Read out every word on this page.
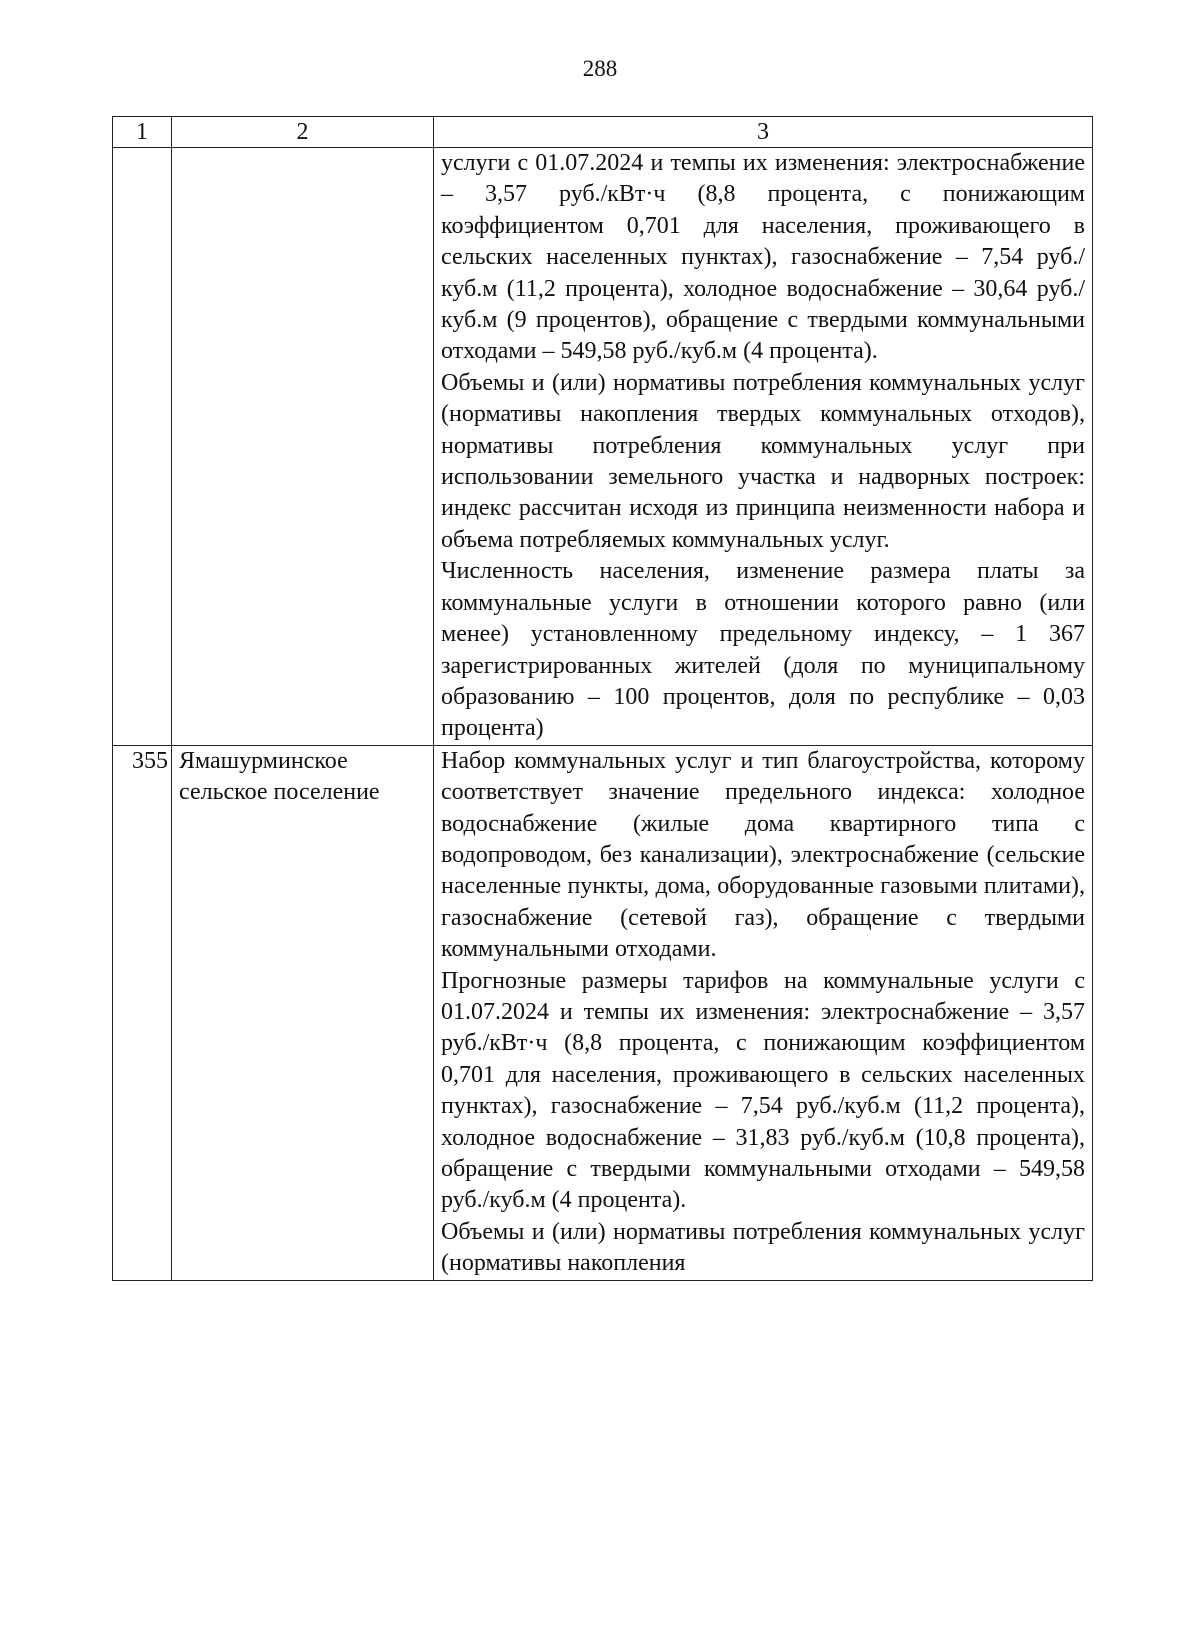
288
1	2	3

		услуги с 01.07.2024 и темпы их изменения: электроснабжение – 3,57 руб./кВт·ч (8,8 процента, с понижающим коэффициентом 0,701 для населения, проживающего в сельских населенных пунктах), газоснабжение – 7,54 руб./куб.м (11,2 процента), холодное водоснабжение – 30,64 руб./куб.м (9 процентов), обращение с твердыми коммунальными отходами – 549,58 руб./куб.м (4 процента).
Объемы и (или) нормативы потребления коммунальных услуг (нормативы накопления твердых коммунальных отходов), нормативы потребления коммунальных услуг при использовании земельного участка и надворных построек: индекс рассчитан исходя из принципа неизменности набора и объема потребляемых коммунальных услуг.
Численность населения, изменение размера платы за коммунальные услуги в отношении которого равно (или менее) установленному предельному индексу, – 1 367 зарегистрированных жителей (доля по муниципальному образованию – 100 процентов, доля по республике – 0,03 процента)

355	Ямашурминское сельское поселение	Набор коммунальных услуг и тип благоустройства, которому соответствует значение предельного индекса: холодное водоснабжение (жилые дома квартирного типа с водопроводом, без канализации), электроснабжение (сельские населенные пункты, дома, оборудованные газовыми плитами), газоснабжение (сетевой газ), обращение с твердыми коммунальными отходами.
Прогнозные размеры тарифов на коммунальные услуги с 01.07.2024 и темпы их изменения: электроснабжение – 3,57 руб./кВт·ч (8,8 процента, с понижающим коэффициентом 0,701 для населения, проживающего в сельских населенных пунктах), газоснабжение – 7,54 руб./куб.м (11,2 процента), холодное водоснабжение – 31,83 руб./куб.м (10,8 процента), обращение с твердыми коммунальными отходами – 549,58 руб./куб.м (4 процента).
Объемы и (или) нормативы потребления коммунальных услуг (нормативы накопления
